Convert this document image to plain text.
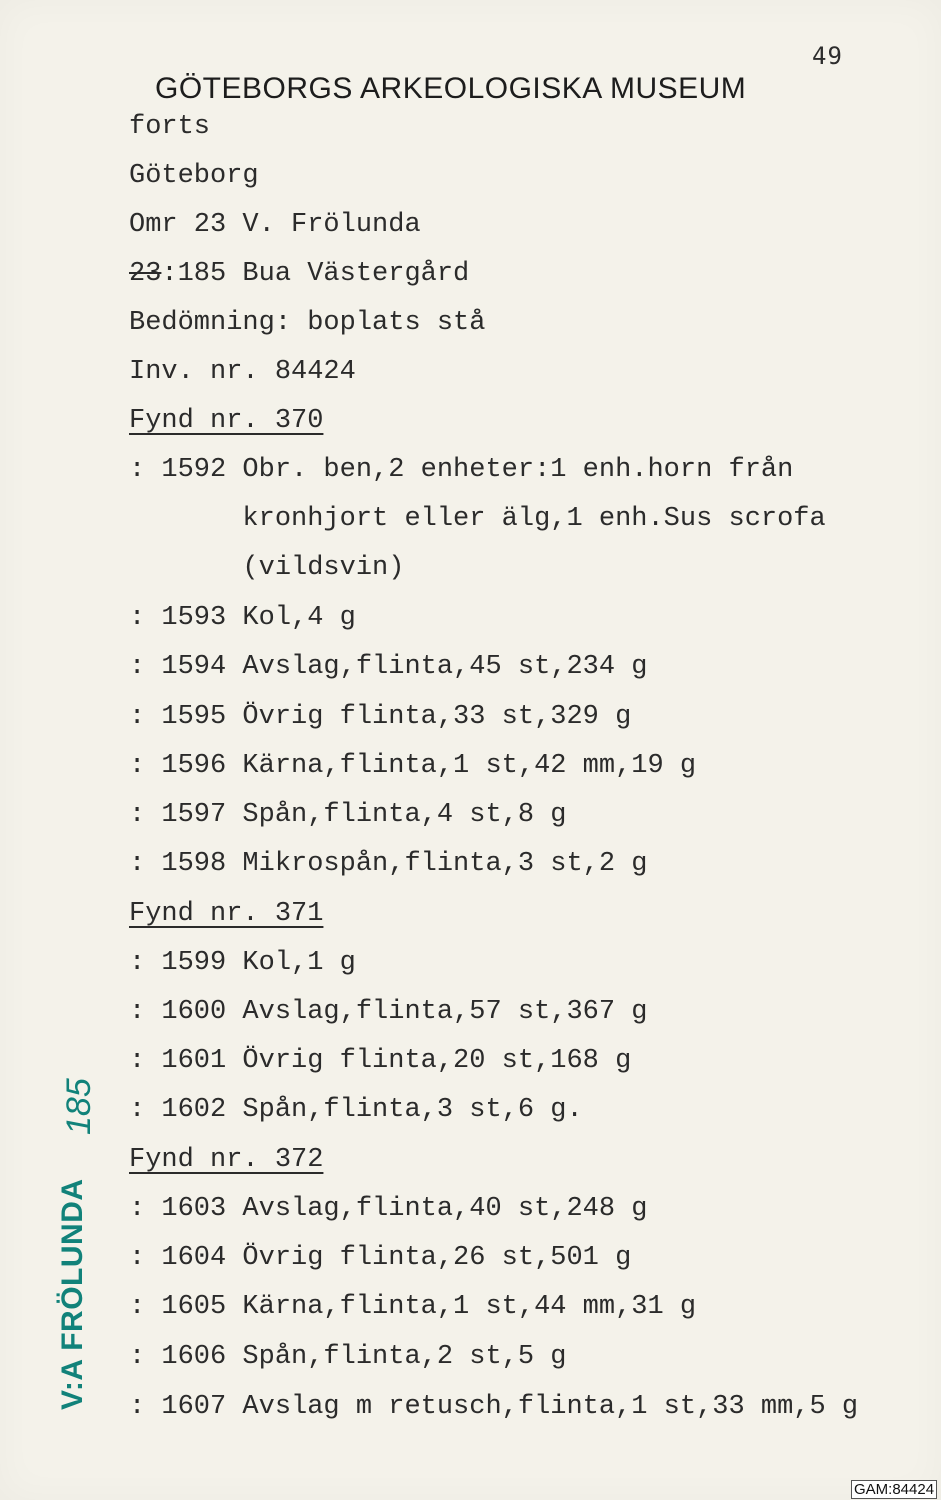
49
GÖTEBORGS ARKEOLOGISKA MUSEUM
forts
Göteborg
Omr 23 V. Frölunda
23:185 Bua Västergård
Bedömning: boplats stå
Inv. nr. 84424
Fynd nr. 370
: 1592 Obr. ben,2 enheter:1 enh.horn från
kronhjort eller älg,1 enh.Sus scrofa
(vildsvin)
: 1593 Kol,4 g
: 1594 Avslag,flinta,45 st,234 g
: 1595 Övrig flinta,33 st,329 g
: 1596 Kärna,flinta,1 st,42 mm,19 g
: 1597 Spån,flinta,4 st,8 g
: 1598 Mikrospån,flinta,3 st,2 g
Fynd nr. 371
: 1599 Kol,1 g
: 1600 Avslag,flinta,57 st,367 g
: 1601 Övrig flinta,20 st,168 g
: 1602 Spån,flinta,3 st,6 g.
Fynd nr. 372
: 1603 Avslag,flinta,40 st,248 g
: 1604 Övrig flinta,26 st,501 g
: 1605 Kärna,flinta,1 st,44 mm,31 g
: 1606 Spån,flinta,2 st,5 g
: 1607 Avslag m retusch,flinta,1 st,33 mm,5 g
V:A FRÖLUNDA
185
GAM:84424
